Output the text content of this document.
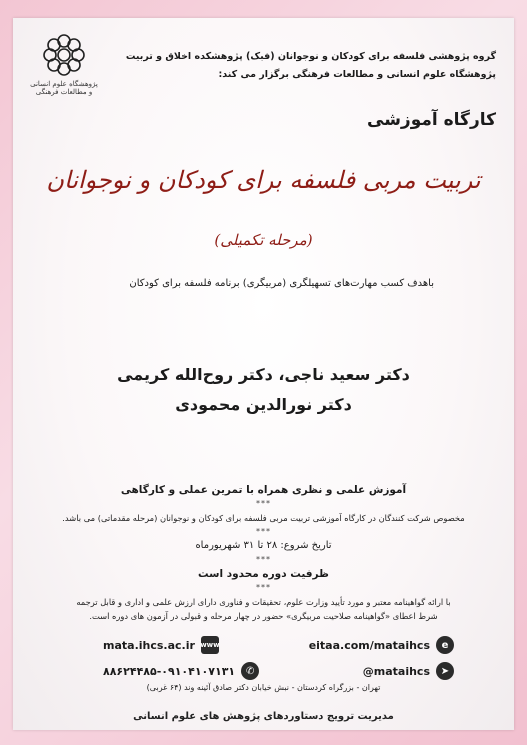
پژوهشگاه علوم انسانی و مطالعات فرهنگی
گروه پژوهشی فلسفه برای کودکان و نوجوانان (فبک) پژوهشکده اخلاق و تربیت
پژوهشگاه علوم انسانی و مطالعات فرهنگی برگزار می کند:
کارگاه آموزشی
تربیت مربی فلسفه برای کودکان و نوجوانان
(مرحله تکمیلی)
باهدف کسب مهارت‌های تسهیلگری (مربیگری) برنامه فلسفه برای کودکان
دکتر سعید ناجی، دکتر روح‌الله کریمی
دکتر نورالدین محمودی
آموزش علمی و نظری همراه با تمرین عملی و کارگاهی
***
مخصوص شرکت کنندگان در کارگاه آموزشی تربیت مربی فلسفه برای کودکان و نوجوانان (مرحله مقدماتی) می باشد.
***
تاریخ شروع: ۲۸ تا ۳۱ شهریورماه
***
ظرفیت دوره محدود است
***
با ارائه گواهینامه معتبر و مورد تأیید وزارت علوم، تحقیقات و فناوری دارای ارزش علمی و اداری و قابل ترجمه
شرط اعطای «گواهینامه صلاحیت مربیگری» حضور در چهار مرحله و قبولی در آزمون های دوره است.
eitaa.com/mataihcs	e
mata.ihcs.ac.ir www
@mataihcs	➤
۸۸۶۲۴۴۸۵-۰۹۱۰۴۱۰۷۱۳۱	✆
تهران - بزرگراه کردستان - نبش خیابان دکتر صادق آئینه وند (۶۴ غربی)
مدیریت ترویج دستاوردهای پژوهش های علوم انسانی
